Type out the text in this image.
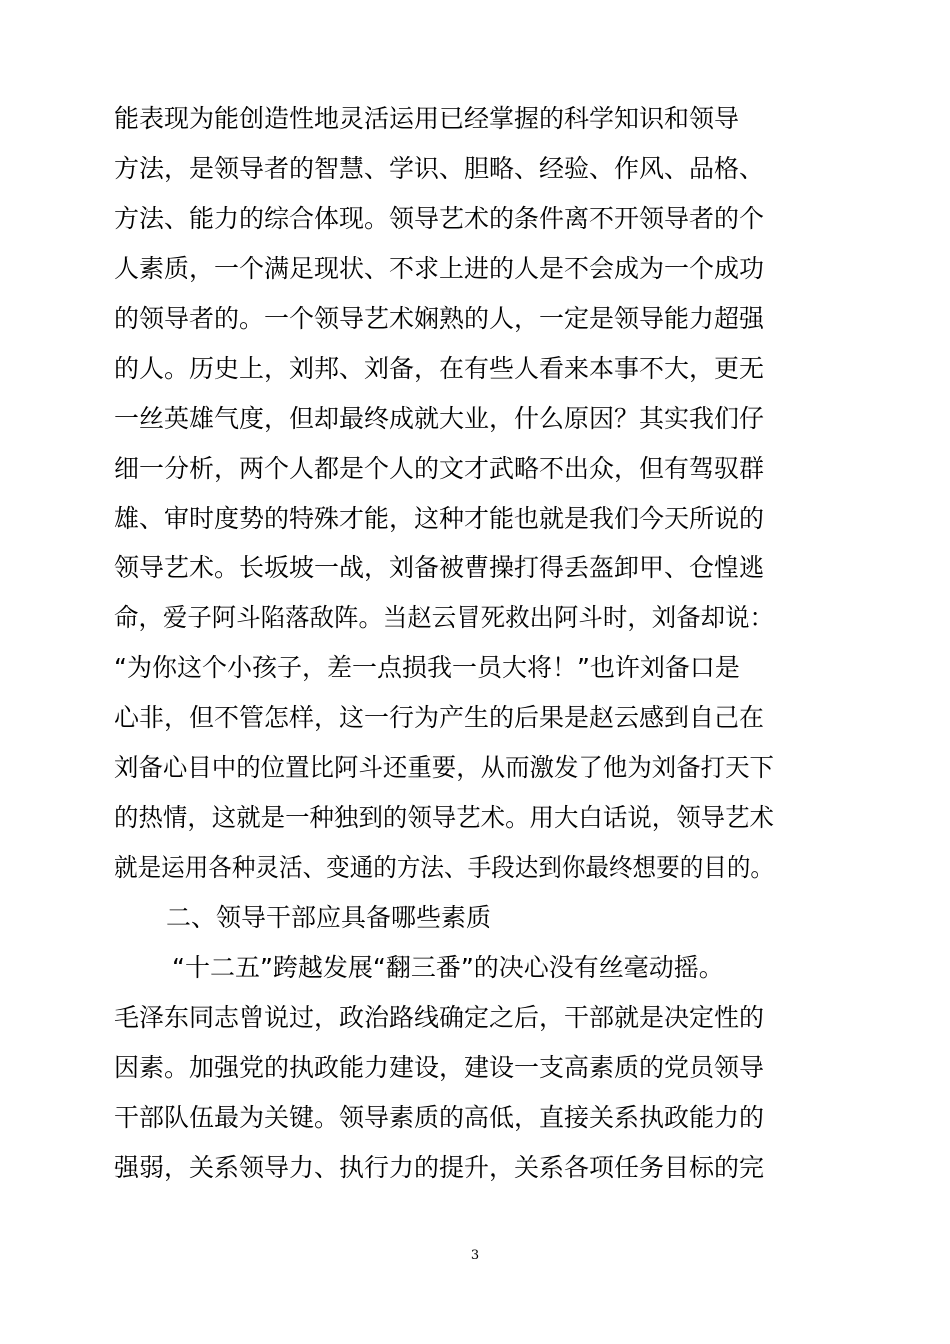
能表现为能创造性地灵活运用已经掌握的科学知识和领导
方法，是领导者的智慧、学识、胆略、经验、作风、品格、
方法、能力的综合体现。领导艺术的条件离不开领导者的个
人素质，一个满足现状、不求上进的人是不会成为一个成功
的领导者的。一个领导艺术娴熟的人，一定是领导能力超强
的人。历史上，刘邦、刘备，在有些人看来本事不大，更无
一丝英雄气度，但却最终成就大业，什么原因？其实我们仔
细一分析，两个人都是个人的文才武略不出众，但有驾驭群
雄、审时度势的特殊才能，这种才能也就是我们今天所说的
领导艺术。长坂坡一战，刘备被曹操打得丢盔卸甲、仓惶逃
命，爱子阿斗陷落敌阵。当赵云冒死救出阿斗时，刘备却说：
“为你这个小孩子，差一点损我一员大将！”也许刘备口是
心非，但不管怎样，这一行为产生的后果是赵云感到自己在
刘备心目中的位置比阿斗还重要，从而激发了他为刘备打天下
的热情，这就是一种独到的领导艺术。用大白话说，领导艺术
就是运用各种灵活、变通的方法、手段达到你最终想要的目的。
二、领导干部应具备哪些素质
“十二五”跨越发展“翻三番”的决心没有丝毫动摇。
毛泽东同志曾说过，政治路线确定之后，干部就是决定性的
因素。加强党的执政能力建设，建设一支高素质的党员领导
干部队伍最为关键。领导素质的高低，直接关系执政能力的
强弱，关系领导力、执行力的提升，关系各项任务目标的完
3
